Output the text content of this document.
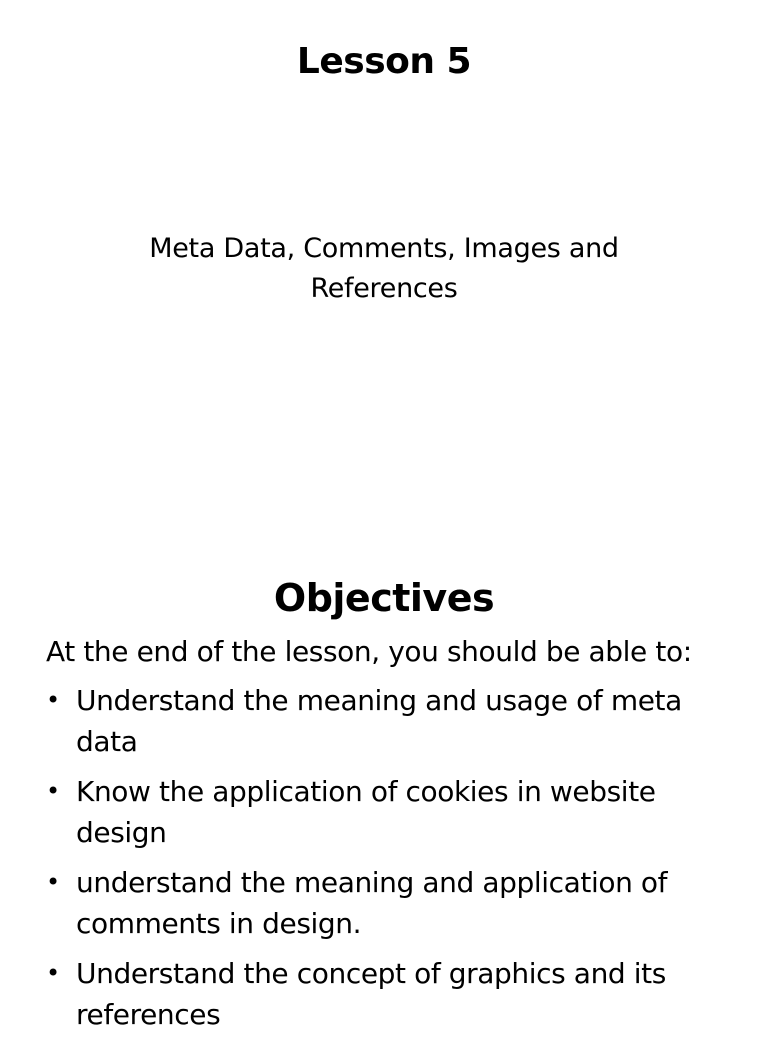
Lesson 5
Meta Data, Comments, Images and References
Objectives
At the end of the lesson, you should be able to:
• Understand the meaning and usage of meta data
• Know the application of cookies in website design
• understand the meaning and application of comments in design.
• Understand the concept of graphics and its references
